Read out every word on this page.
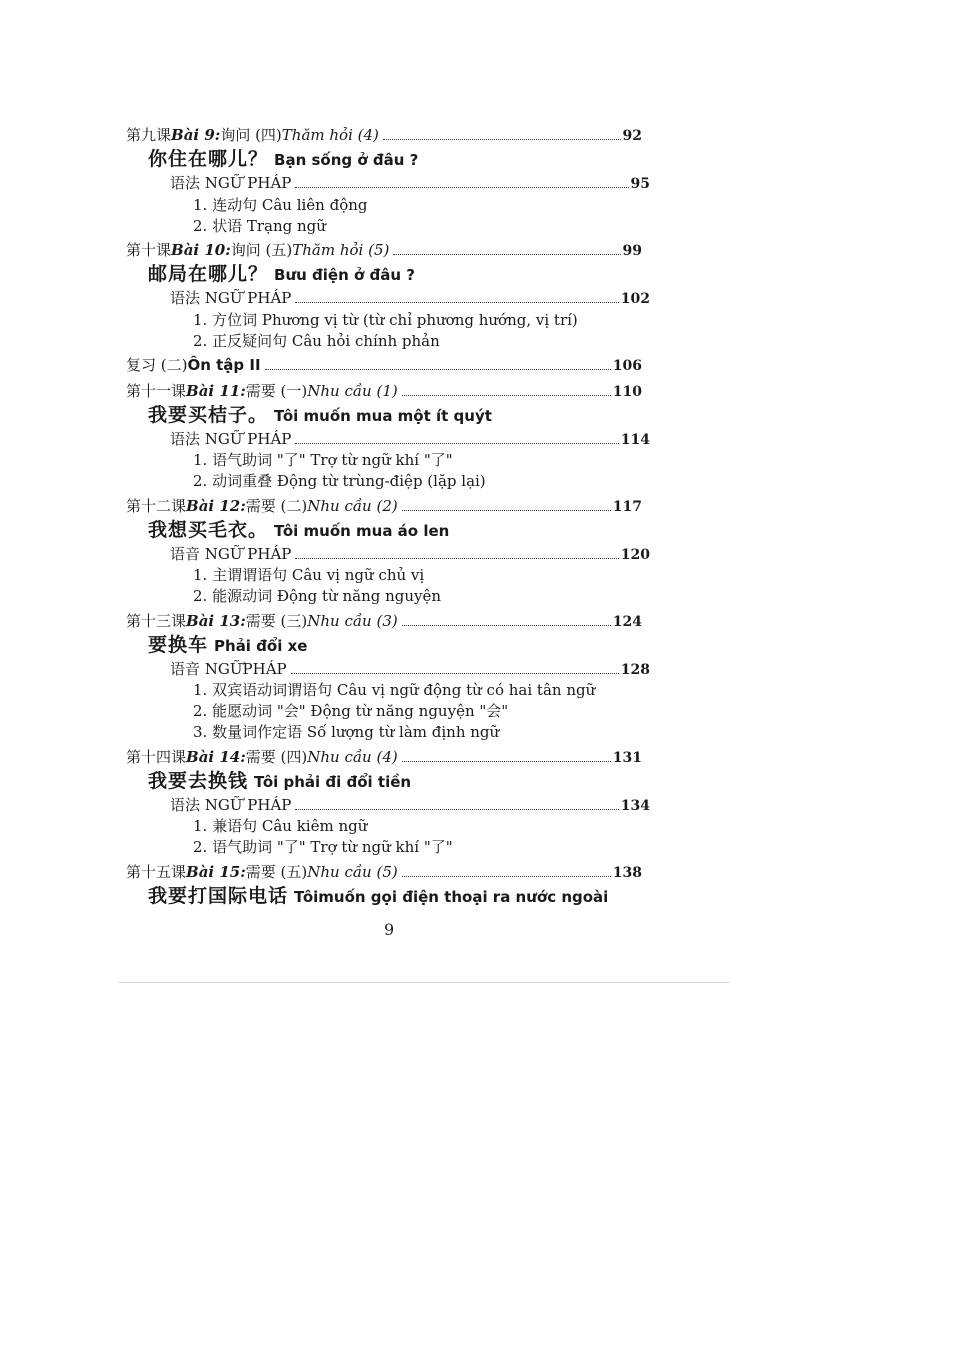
第九课 Bài 9: 询问 (四) Thăm hỏi (4)	92
你住在哪儿？ Bạn sống ở đâu ?
语法 NGỮ PHÁP	95
1. 连动句 Câu liên động
2. 状语 Trạng ngữ
第十课 Bài 10: 询问 (五) Thăm hỏi (5)	99
邮局在哪儿？ Bưu điện ở đâu ?
语法 NGỮ PHÁP	102
1. 方位词 Phương vị từ (từ chỉ phương hướng, vị trí)
2. 正反疑问句 Câu hỏi chính phản
复习 (二) Ôn tập II	106
第十一课 Bài 11: 需要 (一) Nhu cầu (1)	110
我要买桔子。 Tôi muốn mua một ít quýt
语法 NGỮ PHÁP	114
1. 语气助词 "了" Trợ từ ngữ khí "了"
2. 动词重叠 Động từ trùng-điệp (lặp lại)
第十二课 Bài 12: 需要 (二) Nhu cầu (2)	117
我想买毛衣。 Tôi muốn mua áo len
语音 NGỮ PHÁP	120
1. 主谓谓语句 Câu vị ngữ chủ vị
2. 能源动词 Động từ năng nguyện
第十三课 Bài 13: 需要 (三) Nhu cầu (3)	124
要换车 Phải đổi xe
语音 NGỮPHÁP	128
1. 双宾语动词谓语句 Câu vị ngữ động từ có hai tân ngữ
2. 能愿动词 "会" Động từ năng nguyện "会"
3. 数量词作定语 Số lượng từ làm định ngữ
第十四课 Bài 14: 需要 (四) Nhu cầu (4)	131
我要去换钱 Tôi phải đi đổi tiền
语法 NGỮ PHÁP	134
1. 兼语句 Câu kiêm ngữ
2. 语气助词 "了" Trợ từ ngữ khí "了"
第十五课 Bài 15: 需要 (五) Nhu cầu (5)	138
我要打国际电话 Tôimuốn gọi điện thoại ra nước ngoài
9
